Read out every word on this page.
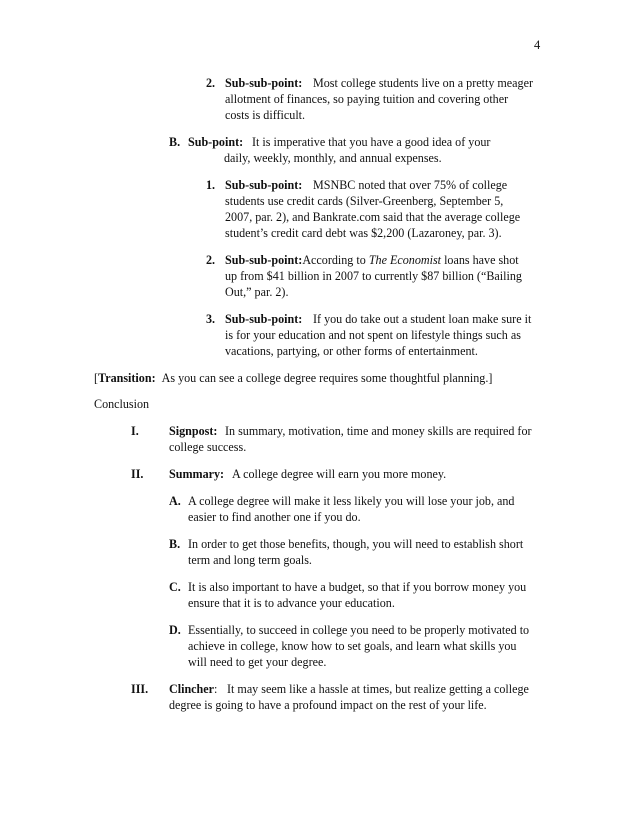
4
2. Sub-sub-point: Most college students live on a pretty meager
allotment of finances, so paying tuition and covering other
costs is difficult.
B. Sub-point: It is imperative that you have a good idea of your
daily, weekly, monthly, and annual expenses.
1. Sub-sub-point: MSNBC noted that over 75% of college
students use credit cards (Silver-Greenberg, September 5,
2007, par. 2), and Bankrate.com said that the average college
student’s credit card debt was $2,200 (Lazaroney, par. 3).
2. Sub-sub-point:According to The Economist loans have shot
up from $41 billion in 2007 to currently $87 billion (“Bailing
Out,” par. 2).
3. Sub-sub-point: If you do take out a student loan make sure it
is for your education and not spent on lifestyle things such as
vacations, partying, or other forms of entertainment.
[Transition: As you can see a college degree requires some thoughtful planning.]
Conclusion
I.	Signpost: In summary, motivation, time and money skills are required for
college success.
II. Summary: A college degree will earn you more money.
A. A college degree will make it less likely you will lose your job, and
easier to find another one if you do.
B. In order to get those benefits, though, you will need to establish short
term and long term goals.
C. It is also important to have a budget, so that if you borrow money you
ensure that it is to advance your education.
D. Essentially, to succeed in college you need to be properly motivated to
achieve in college, know how to set goals, and learn what skills you
will need to get your degree.
III. Clincher: It may seem like a hassle at times, but realize getting a college
degree is going to have a profound impact on the rest of your life.
